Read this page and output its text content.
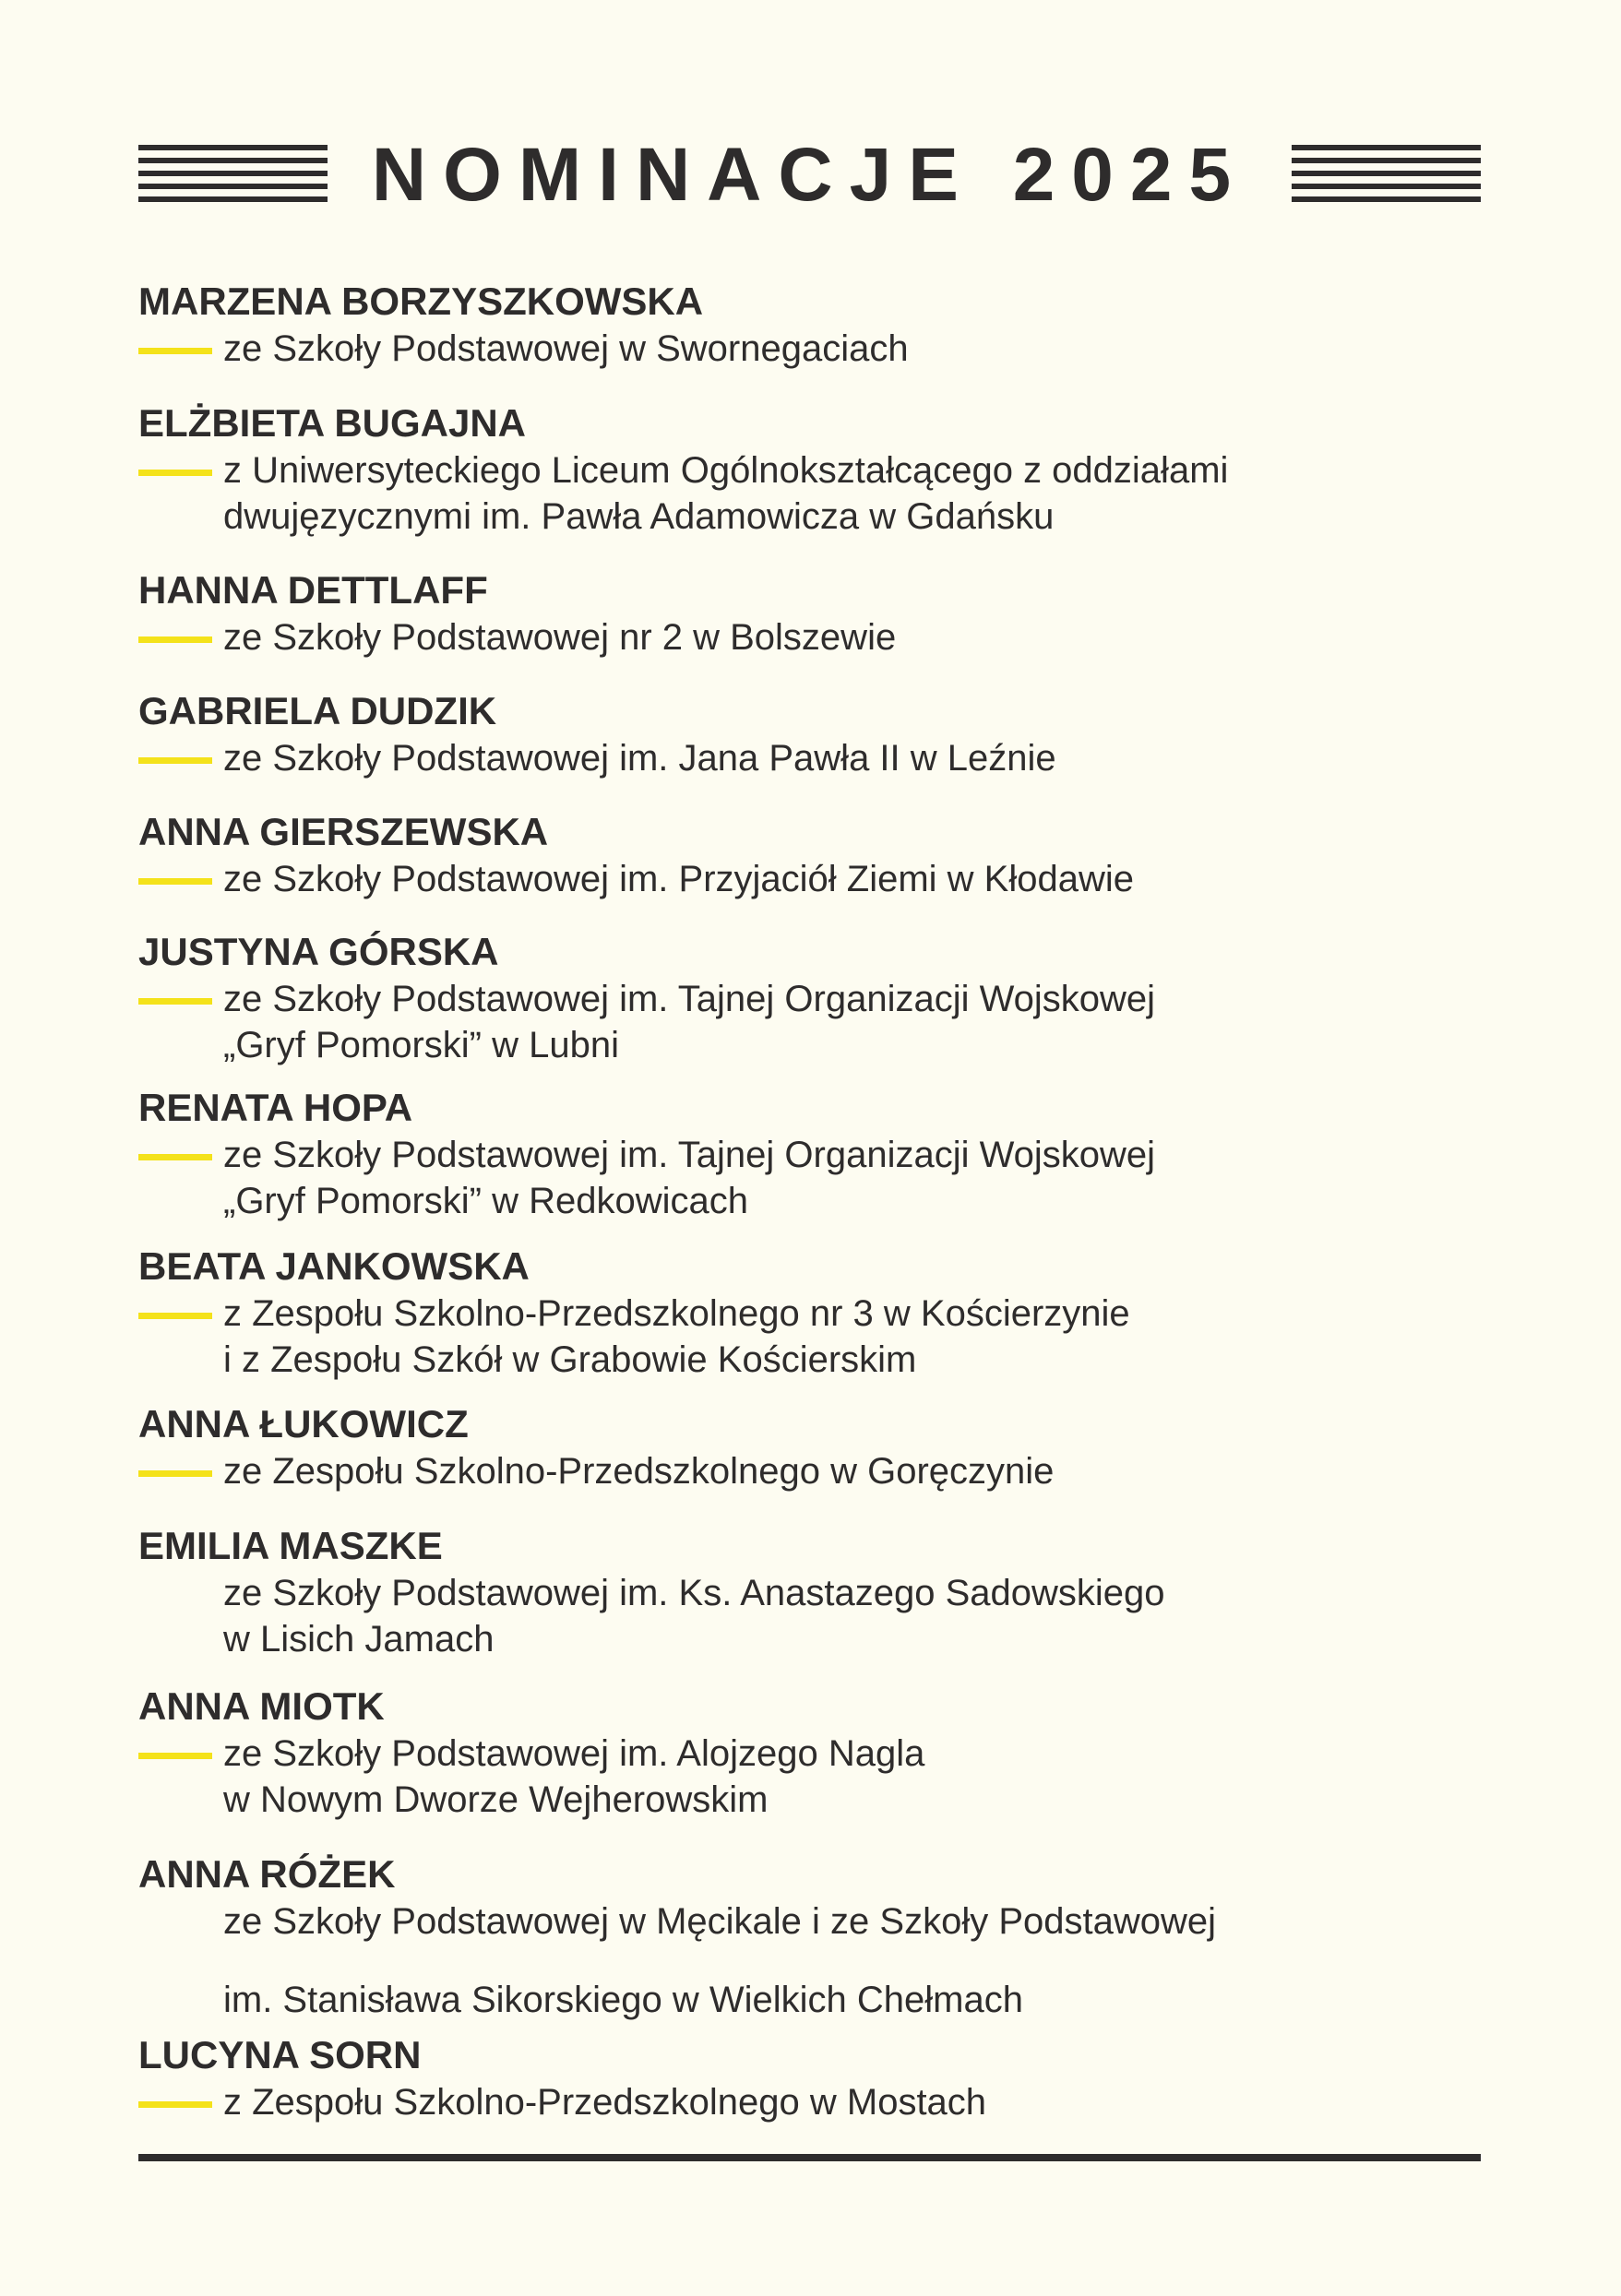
NOMINACJE 2025
MARZENA BORZYSZKOWSKA
ze Szkoły Podstawowej w Swornegaciach
ELŻBIETA BUGAJNA
z Uniwersyteckiego Liceum Ogólnokształcącego z oddziałami
dwujęzycznymi im. Pawła Adamowicza w Gdańsku
HANNA DETTLAFF
ze Szkoły Podstawowej nr 2 w Bolszewie
GABRIELA DUDZIK
ze Szkoły Podstawowej im. Jana Pawła II w Leźnie
ANNA GIERSZEWSKA
ze Szkoły Podstawowej im. Przyjaciół Ziemi w Kłodawie
JUSTYNA GÓRSKA
ze Szkoły Podstawowej im. Tajnej Organizacji Wojskowej
„Gryf Pomorski” w Lubni
RENATA HOPA
ze Szkoły Podstawowej im. Tajnej Organizacji Wojskowej
„Gryf Pomorski” w Redkowicach
BEATA JANKOWSKA
z Zespołu Szkolno-Przedszkolnego nr 3 w Kościerzynie
i z Zespołu Szkół w Grabowie Kościerskim
ANNA ŁUKOWICZ
ze Zespołu Szkolno-Przedszkolnego w Goręczynie
EMILIA MASZKE
ze Szkoły Podstawowej im. Ks. Anastazego Sadowskiego
w Lisich Jamach
ANNA MIOTK
ze Szkoły Podstawowej im. Alojzego Nagla
w Nowym Dworze Wejherowskim
ANNA RÓŻEK
ze Szkoły Podstawowej w Męcikale i ze Szkoły Podstawowej
im. Stanisława Sikorskiego w Wielkich Chełmach
LUCYNA SORN
z Zespołu Szkolno-Przedszkolnego w Mostach
